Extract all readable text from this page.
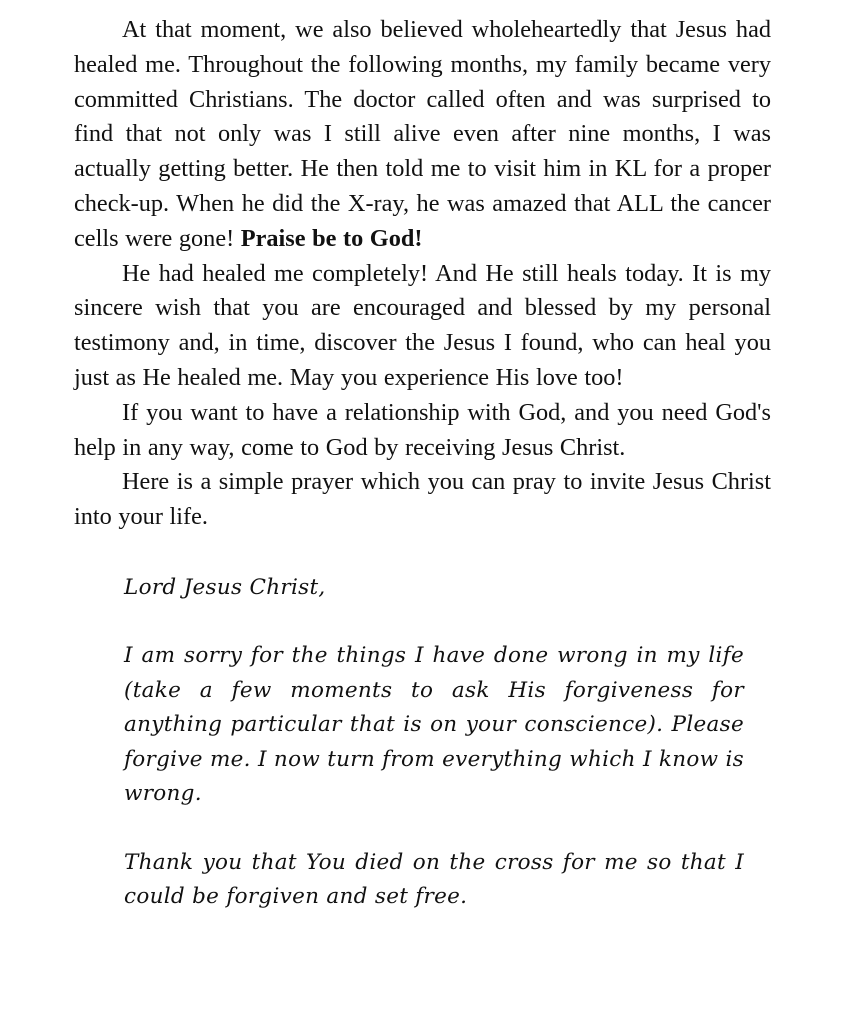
At that moment, we also believed wholeheartedly that Jesus had healed me. Throughout the following months, my family became very committed Christians. The doctor called often and was surprised to find that not only was I still alive even after nine months, I was actually getting better. He then told me to visit him in KL for a proper check-up. When he did the X-ray, he was amazed that ALL the cancer cells were gone! Praise be to God!

He had healed me completely! And He still heals today. It is my sincere wish that you are encouraged and blessed by my personal testimony and, in time, discover the Jesus I found, who can heal you just as He healed me. May you experience His love too!

If you want to have a relationship with God, and you need God's help in any way, come to God by receiving Jesus Christ.

Here is a simple prayer which you can pray to invite Jesus Christ into your life.

Lord Jesus Christ,

I am sorry for the things I have done wrong in my life (take a few moments to ask His forgiveness for anything particular that is on your conscience). Please forgive me. I now turn from everything which I know is wrong.

Thank you that You died on the cross for me so that I could be forgiven and set free.
